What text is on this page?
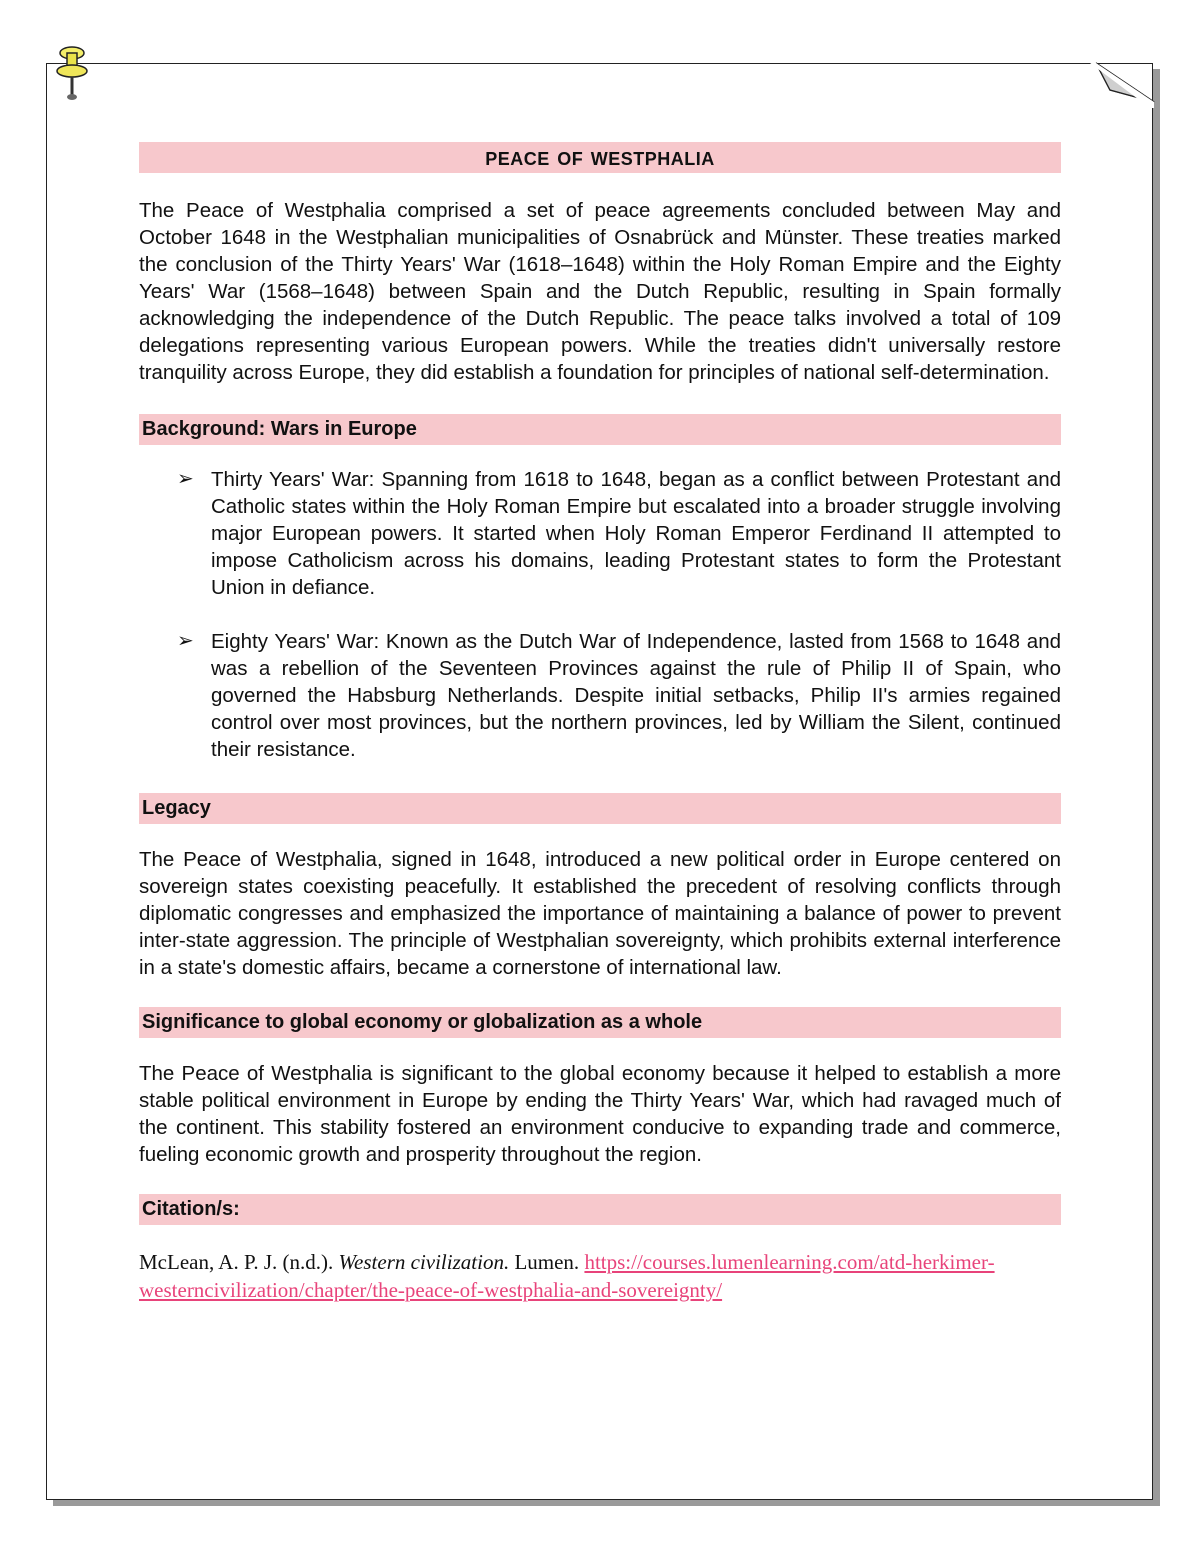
peace of westphalia

The Peace of Westphalia comprised a set of peace agreements concluded between May and October 1648 in the Westphalian municipalities of Osnabrück and Münster. These treaties marked the conclusion of the Thirty Years' War (1618–1648) within the Holy Roman Empire and the Eighty Years' War (1568–1648) between Spain and the Dutch Republic, resulting in Spain formally acknowledging the independence of the Dutch Republic. The peace talks involved a total of 109 delegations representing various European powers. While the treaties didn't universally restore tranquility across Europe, they did establish a foundation for principles of national self-determination.

Background: Wars in Europe
➢ Thirty Years' War: Spanning from 1618 to 1648, began as a conflict between Protestant and Catholic states within the Holy Roman Empire but escalated into a broader struggle involving major European powers. It started when Holy Roman Emperor Ferdinand II attempted to impose Catholicism across his domains, leading Protestant states to form the Protestant Union in defiance.
➢ Eighty Years' War: Known as the Dutch War of Independence, lasted from 1568 to 1648 and was a rebellion of the Seventeen Provinces against the rule of Philip II of Spain, who governed the Habsburg Netherlands. Despite initial setbacks, Philip II's armies regained control over most provinces, but the northern provinces, led by William the Silent, continued their resistance.
Legacy

The Peace of Westphalia, signed in 1648, introduced a new political order in Europe centered on sovereign states coexisting peacefully. It established the precedent of resolving conflicts through diplomatic congresses and emphasized the importance of maintaining a balance of power to prevent inter-state aggression. The principle of Westphalian sovereignty, which prohibits external interference in a state's domestic affairs, became a cornerstone of international law.

Significance to global economy or globalization as a whole

The Peace of Westphalia is significant to the global economy because it helped to establish a more stable political environment in Europe by ending the Thirty Years' War, which had ravaged much of the continent. This stability fostered an environment conducive to expanding trade and commerce, fueling economic growth and prosperity throughout the region.

Citation/s:
McLean, A. P. J. (n.d.). Western civilization. Lumen. https://courses.lumenlearning.com/atd-herkimer-westerncivilization/chapter/the-peace-of-westphalia-and-sovereignty/
